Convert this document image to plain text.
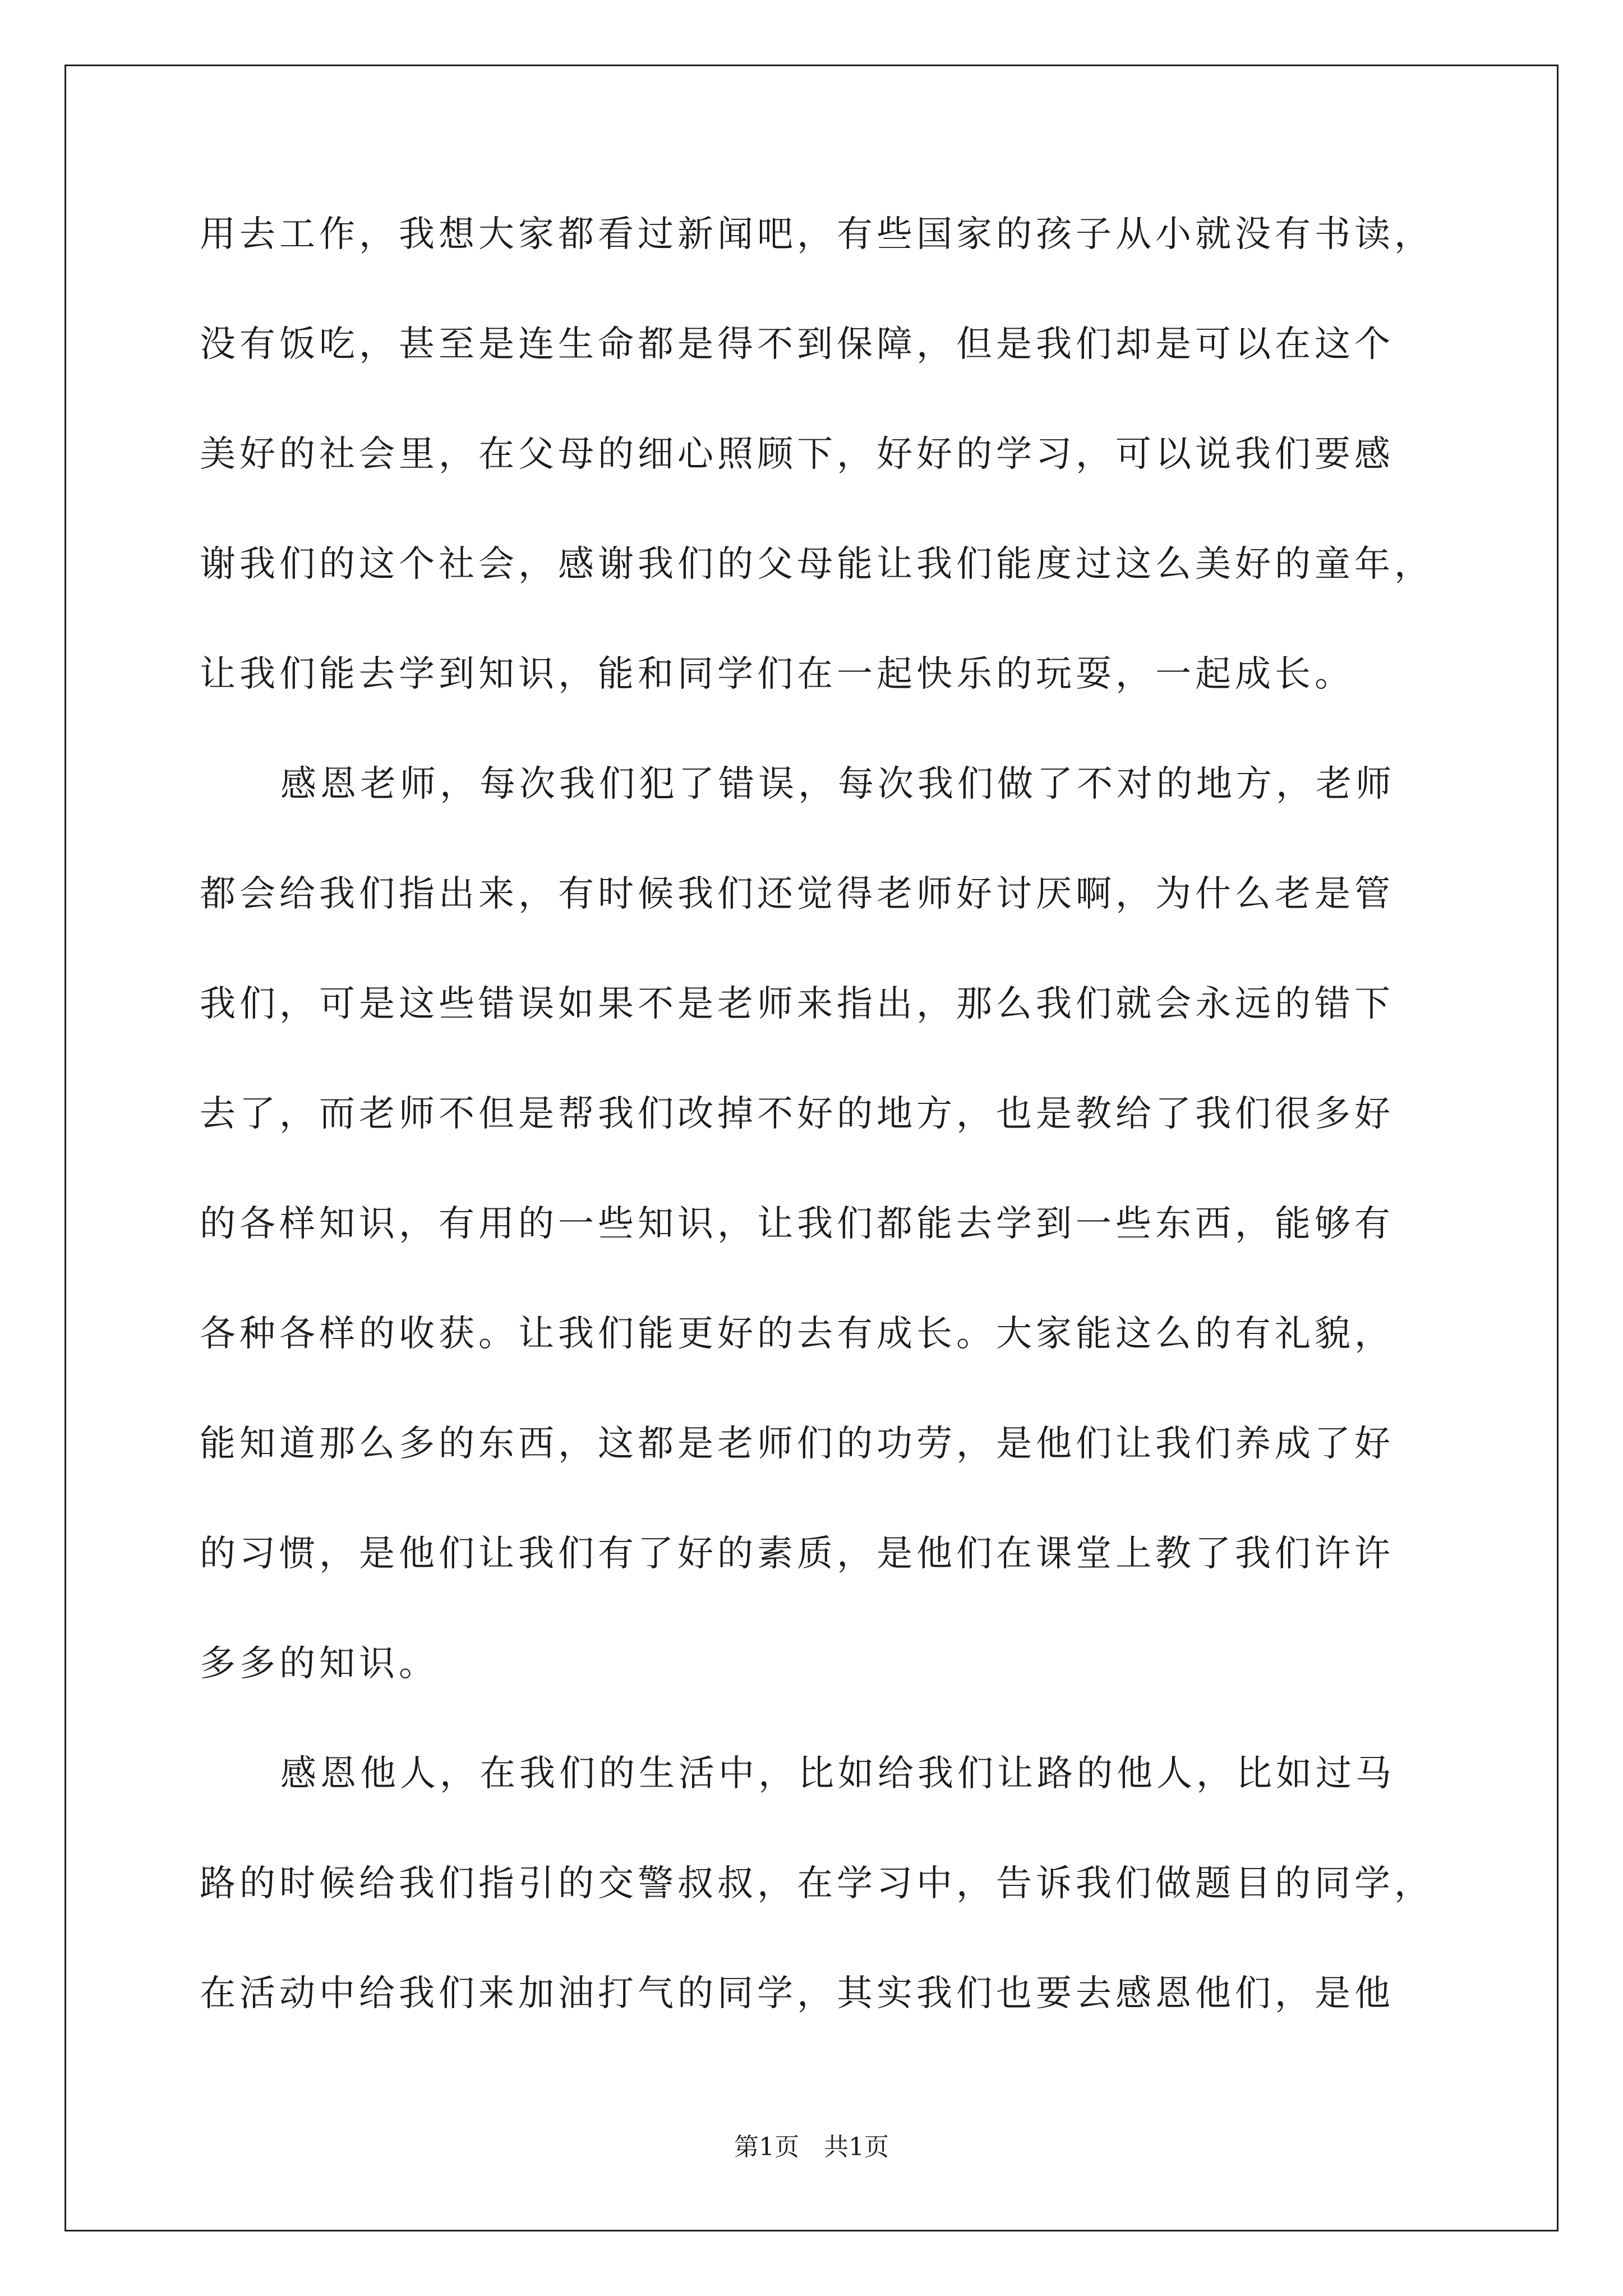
用去工作，我想大家都看过新闻吧，有些国家的孩子从小就没有书读，
没有饭吃，甚至是连生命都是得不到保障，但是我们却是可以在这个
美好的社会里，在父母的细心照顾下，好好的学习，可以说我们要感
谢我们的这个社会，感谢我们的父母能让我们能度过这么美好的童年，
让我们能去学到知识，能和同学们在一起快乐的玩耍，一起成长。
感恩老师，每次我们犯了错误，每次我们做了不对的地方，老师
都会给我们指出来，有时候我们还觉得老师好讨厌啊，为什么老是管
我们，可是这些错误如果不是老师来指出，那么我们就会永远的错下
去了，而老师不但是帮我们改掉不好的地方，也是教给了我们很多好
的各样知识，有用的一些知识，让我们都能去学到一些东西，能够有
各种各样的收获。让我们能更好的去有成长。大家能这么的有礼貌，
能知道那么多的东西，这都是老师们的功劳，是他们让我们养成了好
的习惯，是他们让我们有了好的素质，是他们在课堂上教了我们许许
多多的知识。
感恩他人，在我们的生活中，比如给我们让路的他人，比如过马
路的时候给我们指引的交警叔叔，在学习中，告诉我们做题目的同学，
第1页　共1页
在活动中给我们来加油打气的同学，其实我们也要去感恩他们，是他
